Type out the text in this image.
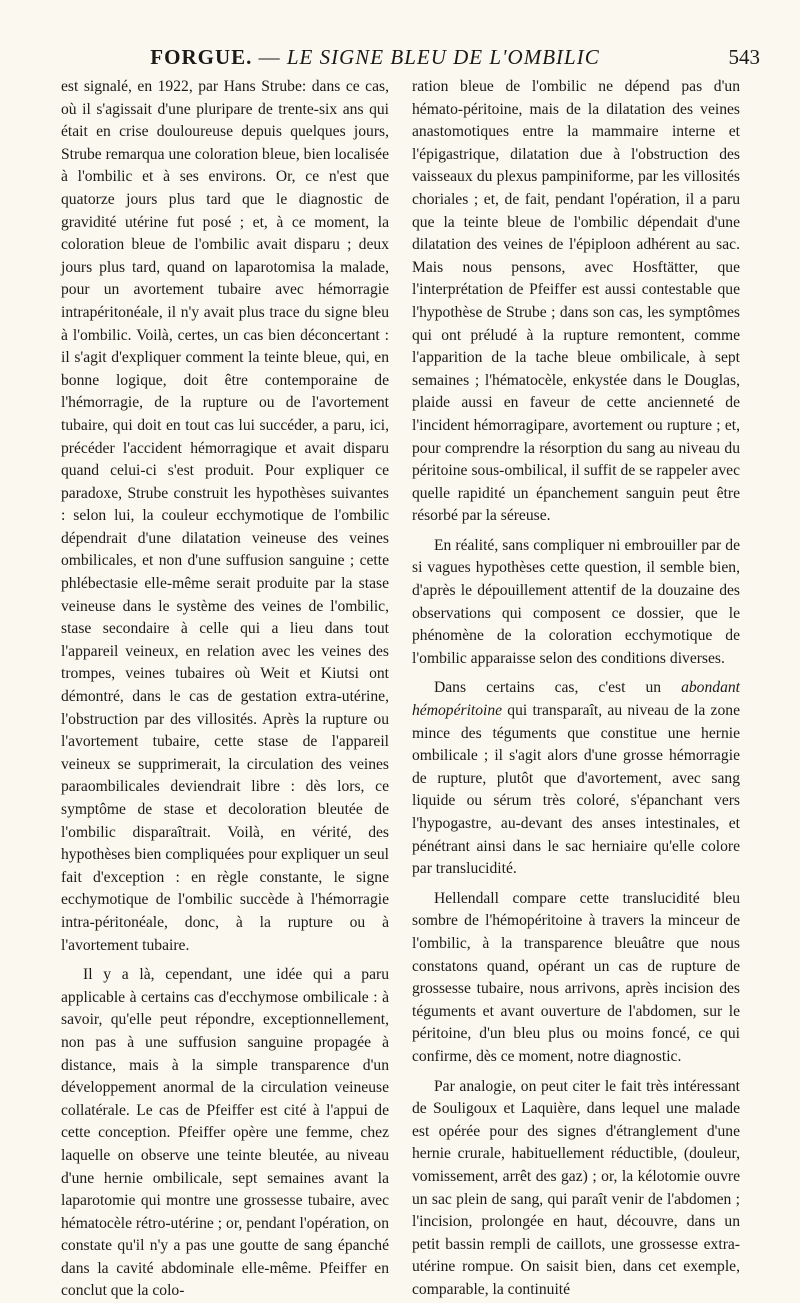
FORGUE. — LE SIGNE BLEU DE L'OMBILIC	543

est signalé, en 1922, par Hans Strube: dans ce cas, où il s'agissait d'une pluripare de trente-six ans qui était en crise douloureuse depuis quelques jours, Strube remarqua une coloration bleue, bien localisée à l'ombilic et à ses environs. Or, ce n'est que quatorze jours plus tard que le diagnostic de gravidité utérine fut posé ; et, à ce moment, la coloration bleue de l'ombilic avait disparu ; deux jours plus tard, quand on laparotomisa la malade, pour un avortement tubaire avec hémorragie intrapéritonéale, il n'y avait plus trace du signe bleu à l'ombilic. Voilà, certes, un cas bien déconcertant : il s'agit d'expliquer comment la teinte bleue, qui, en bonne logique, doit être contemporaine de l'hémorragie, de la rupture ou de l'avortement tubaire, qui doit en tout cas lui succéder, a paru, ici, précéder l'accident hémorragique et avait disparu quand celui-ci s'est produit. Pour expliquer ce paradoxe, Strube construit les hypothèses suivantes : selon lui, la couleur ecchymotique de l'ombilic dépendrait d'une dilatation veineuse des veines ombilicales, et non d'une suffusion sanguine ; cette phlébectasie elle-même serait produite par la stase veineuse dans le système des veines de l'ombilic, stase secondaire à celle qui a lieu dans tout l'appareil veineux, en relation avec les veines des trompes, veines tubaires où Weit et Kiutsi ont démontré, dans le cas de gestation extra-utérine, l'obstruction par des villosités. Après la rupture ou l'avortement tubaire, cette stase de l'appareil veineux se supprimerait, la circulation des veines paraombilicales deviendrait libre : dès lors, ce symptôme de stase et decoloration bleutée de l'ombilic disparaîtrait. Voilà, en vérité, des hypothèses bien compliquées pour expliquer un seul fait d'exception : en règle constante, le signe ecchymotique de l'ombilic succède à l'hémorragie intra-péritonéale, donc, à la rupture ou à l'avortement tubaire.

Il y a là, cependant, une idée qui a paru applicable à certains cas d'ecchymose ombilicale : à savoir, qu'elle peut répondre, exceptionnellement, non pas à une suffusion sanguine propagée à distance, mais à la simple transparence d'un développement anormal de la circulation veineuse collatérale. Le cas de Pfeiffer est cité à l'appui de cette conception. Pfeiffer opère une femme, chez laquelle on observe une teinte bleutée, au niveau d'une hernie ombilicale, sept semaines avant la laparotomie qui montre une grossesse tubaire, avec hématocèle rétro-utérine ; or, pendant l'opération, on constate qu'il n'y a pas une goutte de sang épanché dans la cavité abdominale elle-même. Pfeiffer en conclut que la colo-

ration bleue de l'ombilic ne dépend pas d'un hémato-péritoine, mais de la dilatation des veines anastomotiques entre la mammaire interne et l'épigastrique, dilatation due à l'obstruction des vaisseaux du plexus pampiniforme, par les villosités choriales ; et, de fait, pendant l'opération, il a paru que la teinte bleue de l'ombilic dépendait d'une dilatation des veines de l'épiploon adhérent au sac. Mais nous pensons, avec Hosftätter, que l'interprétation de Pfeiffer est aussi contestable que l'hypothèse de Strube ; dans son cas, les symptômes qui ont préludé à la rupture remontent, comme l'apparition de la tache bleue ombilicale, à sept semaines ; l'hématocèle, enkystée dans le Douglas, plaide aussi en faveur de cette ancienneté de l'incident hémorragipare, avortement ou rupture ; et, pour comprendre la résorption du sang au niveau du péritoine sous-ombilical, il suffit de se rappeler avec quelle rapidité un épanchement sanguin peut être résorbé par la séreuse.

En réalité, sans compliquer ni embrouiller par de si vagues hypothèses cette question, il semble bien, d'après le dépouillement attentif de la douzaine des observations qui composent ce dossier, que le phénomène de la coloration ecchymotique de l'ombilic apparaisse selon des conditions diverses.

Dans certains cas, c'est un abondant hémopéritoine qui transparaît, au niveau de la zone mince des téguments que constitue une hernie ombilicale ; il s'agit alors d'une grosse hémorragie de rupture, plutôt que d'avortement, avec sang liquide ou sérum très coloré, s'épanchant vers l'hypogastre, au-devant des anses intestinales, et pénétrant ainsi dans le sac herniaire qu'elle colore par translucidité.

Hellendall compare cette translucidité bleu sombre de l'hémopéritoine à travers la minceur de l'ombilic, à la transparence bleuâtre que nous constatons quand, opérant un cas de rupture de grossesse tubaire, nous arrivons, après incision des téguments et avant ouverture de l'abdomen, sur le péritoine, d'un bleu plus ou moins foncé, ce qui confirme, dès ce moment, notre diagnostic.

Par analogie, on peut citer le fait très intéressant de Souligoux et Laquière, dans lequel une malade est opérée pour des signes d'étranglement d'une hernie crurale, habituellement réductible, (douleur, vomissement, arrêt des gaz) ; or, la kélotomie ouvre un sac plein de sang, qui paraît venir de l'abdomen ; l'incision, prolongée en haut, découvre, dans un petit bassin rempli de caillots, une grossesse extra-utérine rompue. On saisit bien, dans cet exemple, comparable, la continuité
